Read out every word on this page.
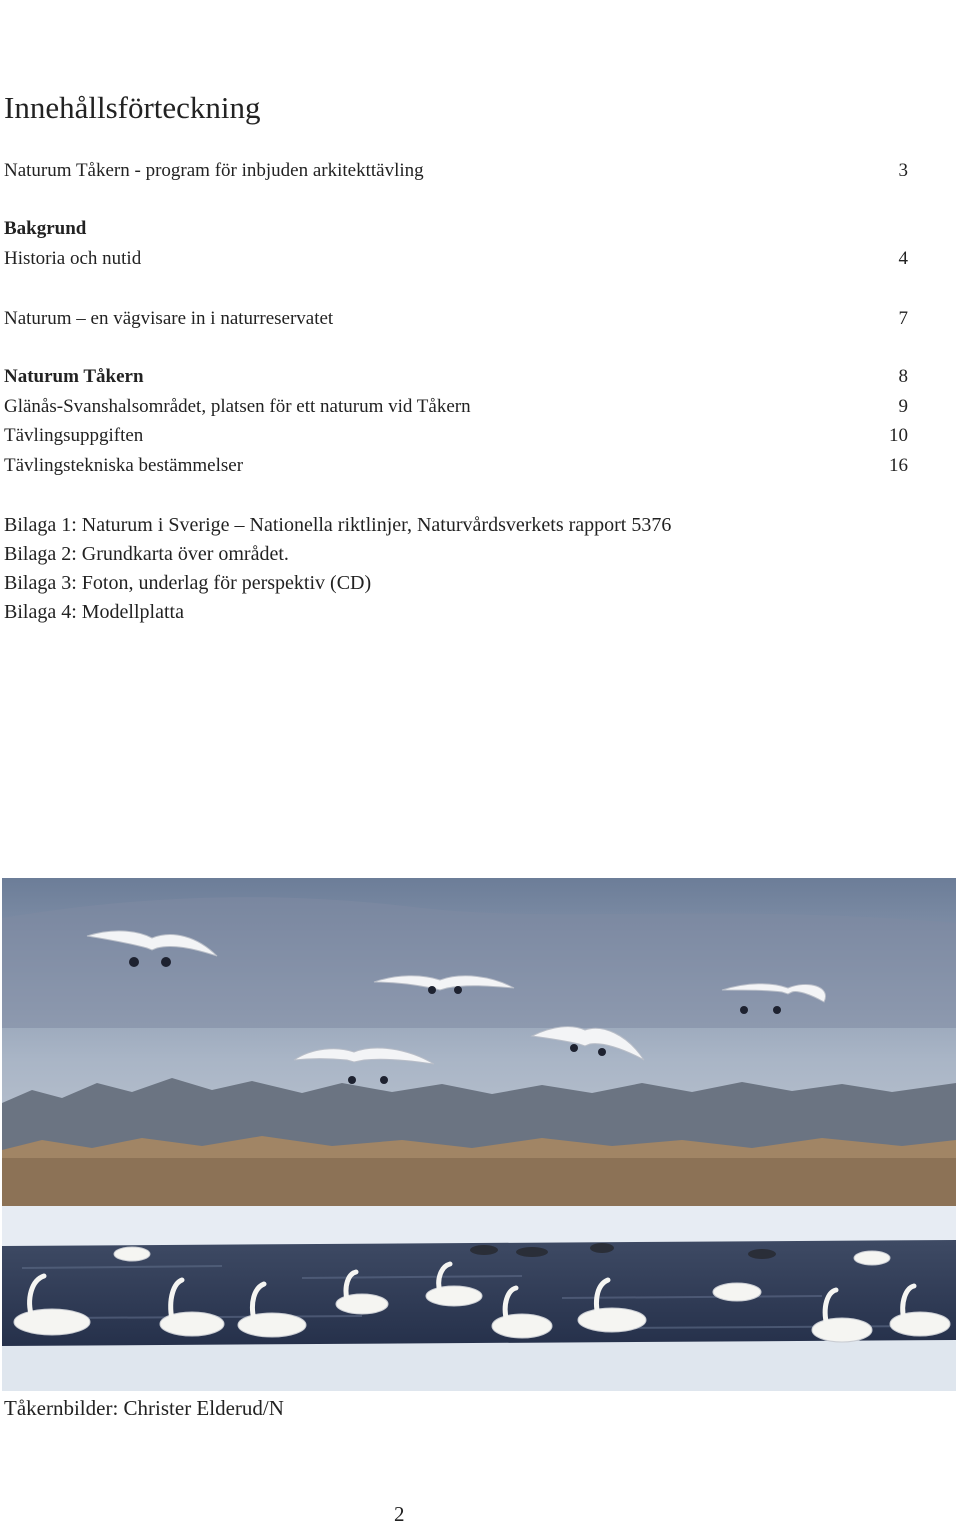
Innehållsförteckning
Naturum Tåkern - program för inbjuden arkitekttävling	3
Bakgrund
Historia och nutid	4
Naturum – en vägvisare in i naturreservatet	7
Naturum Tåkern	8
Glänås-Svanshalsområdet, platsen för ett naturum vid Tåkern	9
Tävlingsuppgiften	10
Tävlingstekniska bestämmelser	16
Bilaga 1: Naturum i Sverige – Nationella riktlinjer, Naturvårdsverkets rapport 5376
Bilaga 2: Grundkarta över området.
Bilaga 3: Foton, underlag för perspektiv (CD)
Bilaga 4: Modellplatta
Tåkernbilder: Christer Elderud/N
2
